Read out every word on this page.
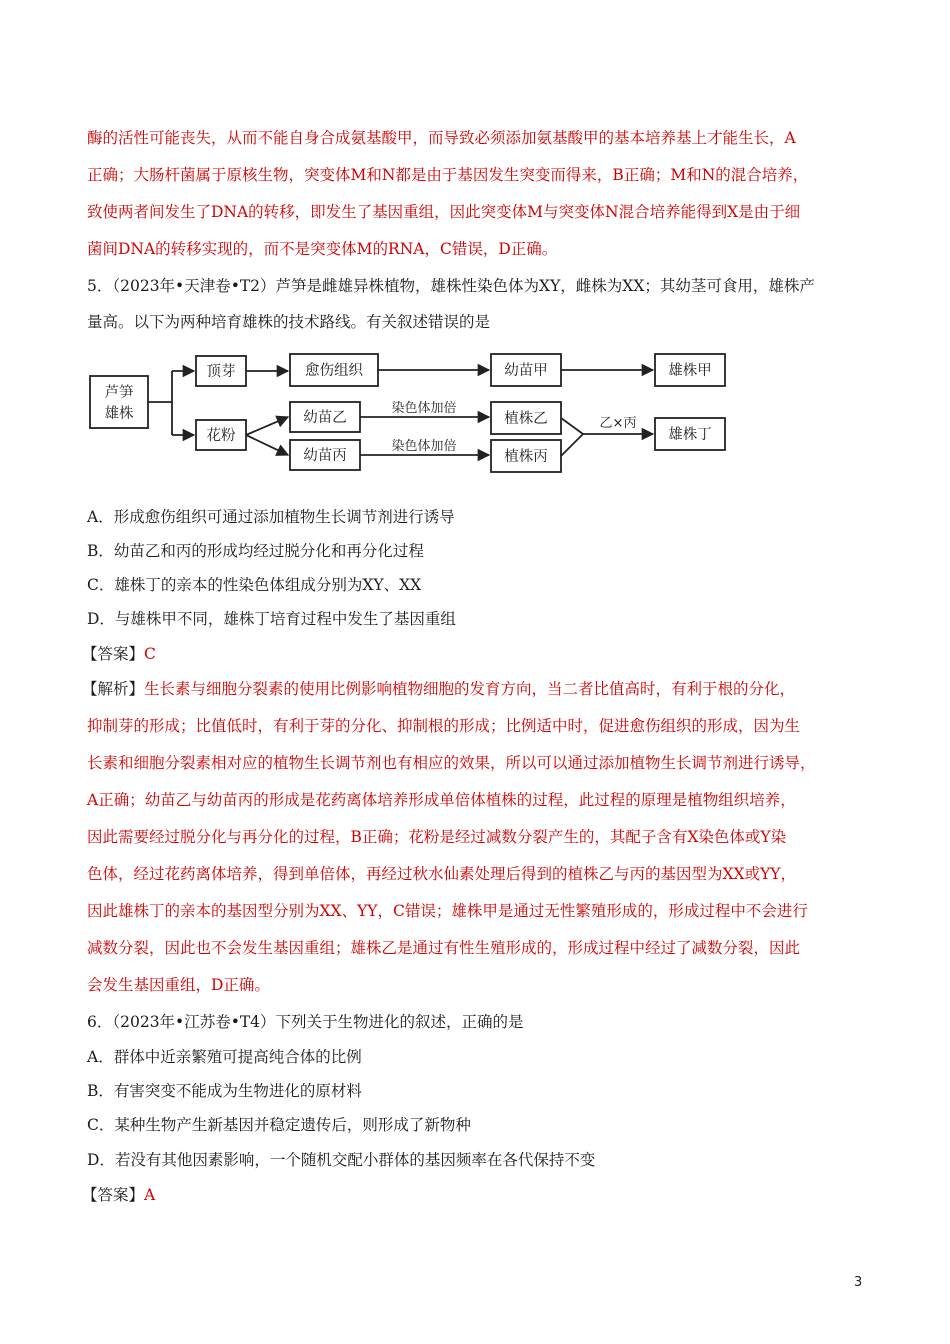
酶的活性可能丧失，从而不能自身合成氨基酸甲，而导致必须添加氨基酸甲的基本培养基上才能生长，A
正确；大肠杆菌属于原核生物，突变体M和N都是由于基因发生突变而得来，B正确；M和N的混合培养，
致使两者间发生了DNA的转移，即发生了基因重组，因此突变体M与突变体N混合培养能得到X是由于细
菌间DNA的转移实现的，而不是突变体M的RNA，C错误，D正确。
5．（2023年•天津卷•T2）芦笋是雌雄异株植物，雄株性染色体为XY，雌株为XX；其幼茎可食用，雄株产
量高。以下为两种培育雄株的技术路线。有关叙述错误的是
芦笋
雄株
顶芽	愈伤组织	幼苗甲	雄株甲
花粉
幼苗乙
幼苗丙
染色体加倍
染色体加倍
植株乙
植株丙
乙×丙
雄株丁
A．形成愈伤组织可通过添加植物生长调节剂进行诱导
B．幼苗乙和丙的形成均经过脱分化和再分化过程
C．雄株丁的亲本的性染色体组成分别为XY、XX
D．与雄株甲不同，雄株丁培育过程中发生了基因重组
【答案】C
【解析】生长素与细胞分裂素的使用比例影响植物细胞的发育方向，当二者比值高时，有利于根的分化，
抑制芽的形成；比值低时，有利于芽的分化、抑制根的形成；比例适中时，促进愈伤组织的形成，因为生
长素和细胞分裂素相对应的植物生长调节剂也有相应的效果，所以可以通过添加植物生长调节剂进行诱导，
A正确；幼苗乙与幼苗丙的形成是花药离体培养形成单倍体植株的过程，此过程的原理是植物组织培养，
因此需要经过脱分化与再分化的过程，B正确；花粉是经过减数分裂产生的，其配子含有X染色体或Y染
色体，经过花药离体培养，得到单倍体，再经过秋水仙素处理后得到的植株乙与丙的基因型为XX或YY，
因此雄株丁的亲本的基因型分别为XX、YY，C错误；雄株甲是通过无性繁殖形成的，形成过程中不会进行
减数分裂，因此也不会发生基因重组；雄株乙是通过有性生殖形成的，形成过程中经过了减数分裂，因此
会发生基因重组，D正确。
6．（2023年•江苏卷•T4）下列关于生物进化的叙述，正确的是
A．群体中近亲繁殖可提高纯合体的比例
B．有害突变不能成为生物进化的原材料
C．某种生物产生新基因并稳定遗传后，则形成了新物种
D．若没有其他因素影响，一个随机交配小群体的基因频率在各代保持不变
【答案】A
3
